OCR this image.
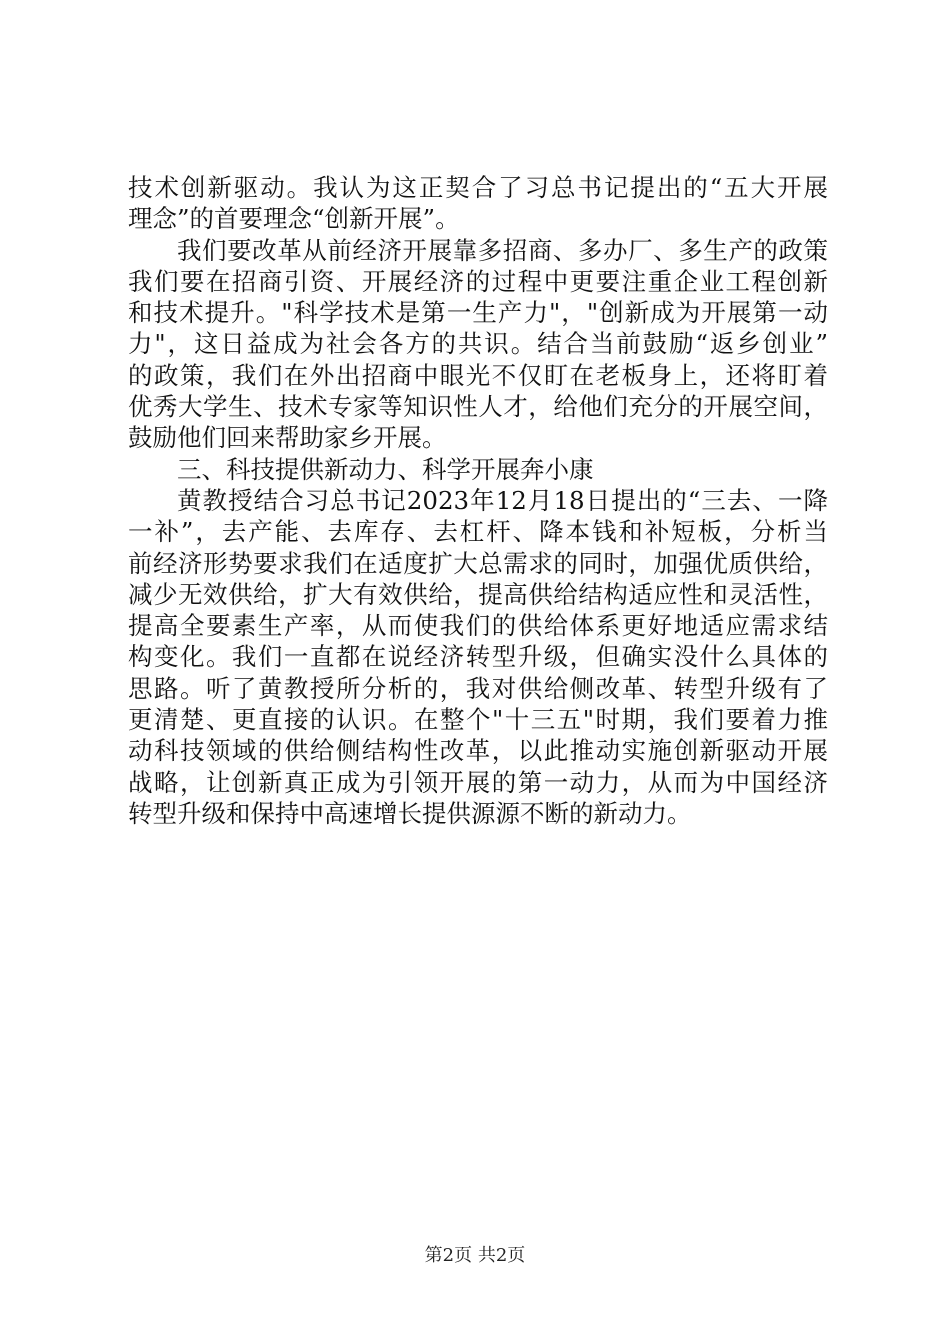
技术创新驱动。我认为这正契合了习总书记提出的“五大开展
理念”的首要理念“创新开展”。
我们要改革从前经济开展靠多招商、多办厂、多生产的政策
我们要在招商引资、开展经济的过程中更要注重企业工程创新
和技术提升。"科学技术是第一生产力"，"创新成为开展第一动
力"，这日益成为社会各方的共识。结合当前鼓励“返乡创业”
的政策，我们在外出招商中眼光不仅盯在老板身上，还将盯着
优秀大学生、技术专家等知识性人才，给他们充分的开展空间，
鼓励他们回来帮助家乡开展。
三、科技提供新动力、科学开展奔小康
黄教授结合习总书记2023年12月18日提出的“三去、一降
一补”，去产能、去库存、去杠杆、降本钱和补短板，分析当
前经济形势要求我们在适度扩大总需求的同时，加强优质供给，
减少无效供给，扩大有效供给，提高供给结构适应性和灵活性，
提高全要素生产率，从而使我们的供给体系更好地适应需求结
构变化。我们一直都在说经济转型升级，但确实没什么具体的
思路。听了黄教授所分析的，我对供给侧改革、转型升级有了
更清楚、更直接的认识。在整个"十三五"时期，我们要着力推
动科技领域的供给侧结构性改革，以此推动实施创新驱动开展
战略，让创新真正成为引领开展的第一动力，从而为中国经济
转型升级和保持中高速增长提供源源不断的新动力。
第2页 共2页
